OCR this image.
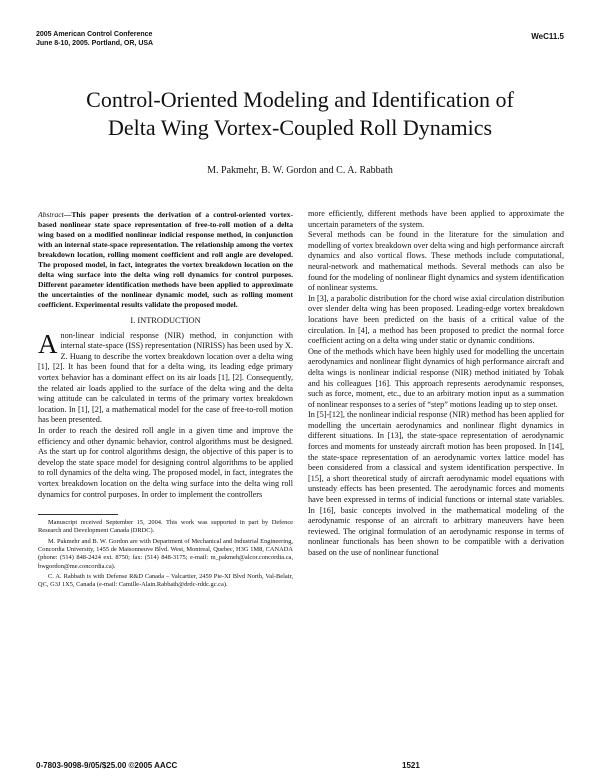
2005 American Control Conference
June 8-10, 2005. Portland, OR, USA
WeC11.5
Control-Oriented Modeling and Identification of
Delta Wing Vortex-Coupled Roll Dynamics
M. Pakmehr, B. W. Gordon and C. A. Rabbath

Abstract—This paper presents the derivation of a control-oriented vortex-based nonlinear state space representation of free-to-roll motion of a delta wing based on a modified nonlinear indicial response method, in conjunction with an internal state-space representation. The relationship among the vortex breakdown location, rolling moment coefficient and roll angle are developed. The proposed model, in fact, integrates the vortex breakdown location on the delta wing surface into the delta wing roll dynamics for control purposes. Different parameter identification methods have been applied to approximate the uncertainties of the nonlinear dynamic model, such as rolling moment coefficient. Experimental results validate the proposed model.

I. INTRODUCTION

Anon-linear indicial response (NIR) method, in conjunction with internal state-space (ISS) representation (NIRISS) has been used by X. Z. Huang to describe the vortex breakdown location over a delta wing [1], [2]. It has been found that for a delta wing, its leading edge primary vortex behavior has a dominant effect on its air loads [1], [2]. Consequently, the related air loads applied to the surface of the delta wing and the delta wing attitude can be calculated in terms of the primary vortex breakdown location. In [1], [2], a mathematical model for the case of free-to-roll motion has been presented.

In order to reach the desired roll angle in a given time and improve the efficiency and other dynamic behavior, control algorithms must be designed. As the start up for control algorithms design, the objective of this paper is to develop the state space model for designing control algorithms to be applied to roll dynamics of the delta wing. The proposed model, in fact, integrates the vortex breakdown location on the delta wing surface into the delta wing roll dynamics for control purposes. In order to implement the controllers

Manuscript received September 15, 2004. This work was supported in part by Defence Research and Development Canada (DRDC).

M. Pakmehr and B. W. Gordon are with Department of Mechanical and Industrial Engineering, Concordia University, 1455 de Maisonneuve Blvd. West, Montreal, Quebec, H3G 1M8, CANADA (phone: (514) 848-2424 ext. 8750; fax: (514) 848-3175; e-mail: m_pakmeh@alcor.concordia.ca, bwgordon@me.concordia.ca).

C. A. Rabbath is with Defense R&D Canada – Valcartier, 2459 Pie-XI Blvd North, Val-Belair, QC, G3J 1X5, Canada (e-mail: Camille-Alain.Rabbath@drdc-rddc.gc.ca).

more efficiently, different methods have been applied to approximate the uncertain parameters of the system.

Several methods can be found in the literature for the simulation and modelling of vortex breakdown over delta wing and high performance aircraft dynamics and also vortical flows. These methods include computational, neural-network and mathematical methods. Several methods can also be found for the modeling of nonlinear flight dynamics and system identification of nonlinear systems.

In [3], a parabolic distribution for the chord wise axial circulation distribution over slender delta wing has been proposed. Leading-edge vortex breakdown locations have been predicted on the basis of a critical value of the circulation. In [4], a method has been proposed to predict the normal force coefficient acting on a delta wing under static or dynamic conditions.

One of the methods which have been highly used for modelling the uncertain aerodynamics and nonlinear flight dynamics of high performance aircraft and delta wings is nonlinear indicial response (NIR) method initiated by Tobak and his colleagues [16]. This approach represents aerodynamic responses, such as force, moment, etc., due to an arbitrary motion input as a summation of nonlinear responses to a series of “step” motions leading up to step onset.

In [5]-[12], the nonlinear indicial response (NIR) method has been applied for modelling the uncertain aerodynamics and nonlinear flight dynamics in different situations. In [13], the state-space representation of aerodynamic forces and moments for unsteady aircraft motion has been proposed. In [14], the state-space representation of an aerodynamic vortex lattice model has been considered from a classical and system identification perspective. In [15], a short theoretical study of aircraft aerodynamic model equations with unsteady effects has been presented. The aerodynamic forces and moments have been expressed in terms of indicial functions or internal state variables. In [16], basic concepts involved in the mathematical modeling of the aerodynamic response of an aircraft to arbitrary maneuvers have been reviewed. The original formulation of an aerodynamic response in terms of nonlinear functionals has been shown to be compatible with a derivation based on the use of nonlinear functional

0-7803-9098-9/05/$25.00 ©2005 AACC	1521
